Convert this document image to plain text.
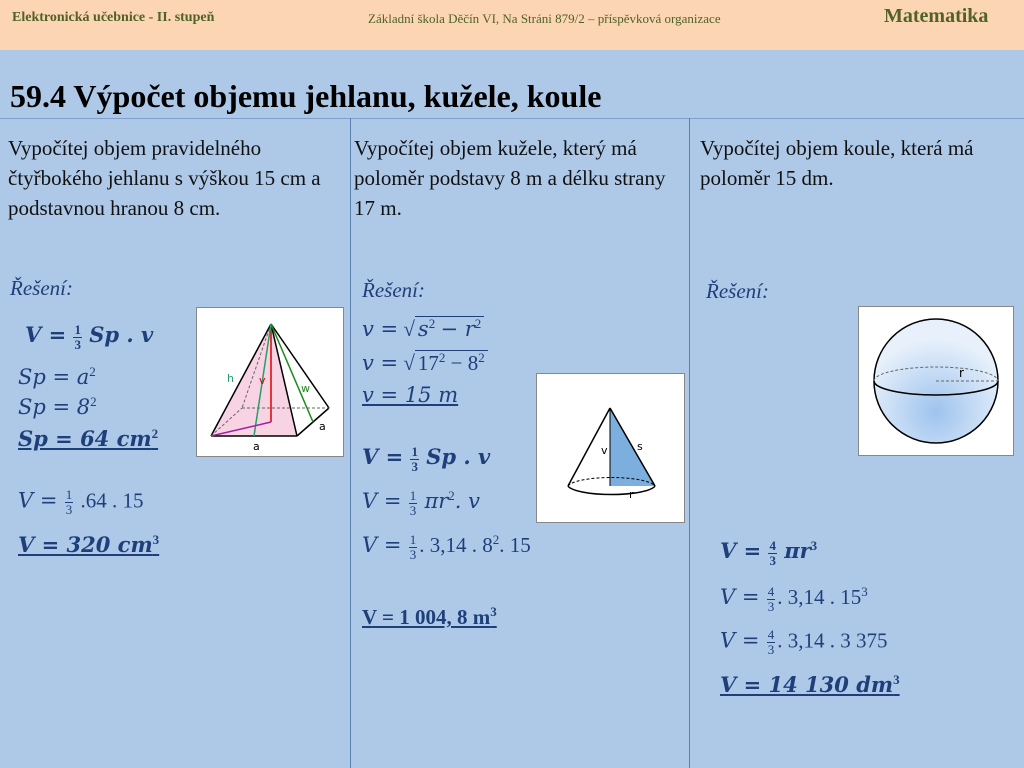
Elektronická učebnice - II. stupeň	Základní škola Děčín VI, Na Stráni 879/2 – příspěvková organizace	Matematika
59.4 Výpočet objemu jehlanu, kužele, koule
Vypočítej objem pravidelného čtyřbokého jehlanu s výškou 15 cm a podstavnou hranou 8 cm.
Řešení:
$V = \frac{1}{3}$ Sp . v
$Sp = a^2$
$Sp = 8^2$
Sp = 64 $cm^2$
$V = \frac{1}{3} .64$ . 15
V = 320 $cm^3$
h v
w
a
a
Vypočítej objem kužele, který má poloměr podstavy 8 m a délku strany 17 m.
Řešení:
v = √ $s^2 - r^2$
v = √ $17^2 - 8^2$
v = 15 m
$V = \frac{1}{3}$ Sp . v
$V = \frac{1}{3} \pi r^2$. v
$V = \frac{1}{3}$ . 3,14 . $8^2$. 15
V = 1 004, 8 $m^3$
v	s
r
Vypočítej objem koule, která má poloměr 15 dm.
Řešení:
r
$V = \frac{4}{3} \pi r^3$
$V = \frac{4}{3}$ . 3,14 . $15^3$
$V = \frac{4}{3}$ . 3,14 . 3 375
V = 14 130 $dm^3$
